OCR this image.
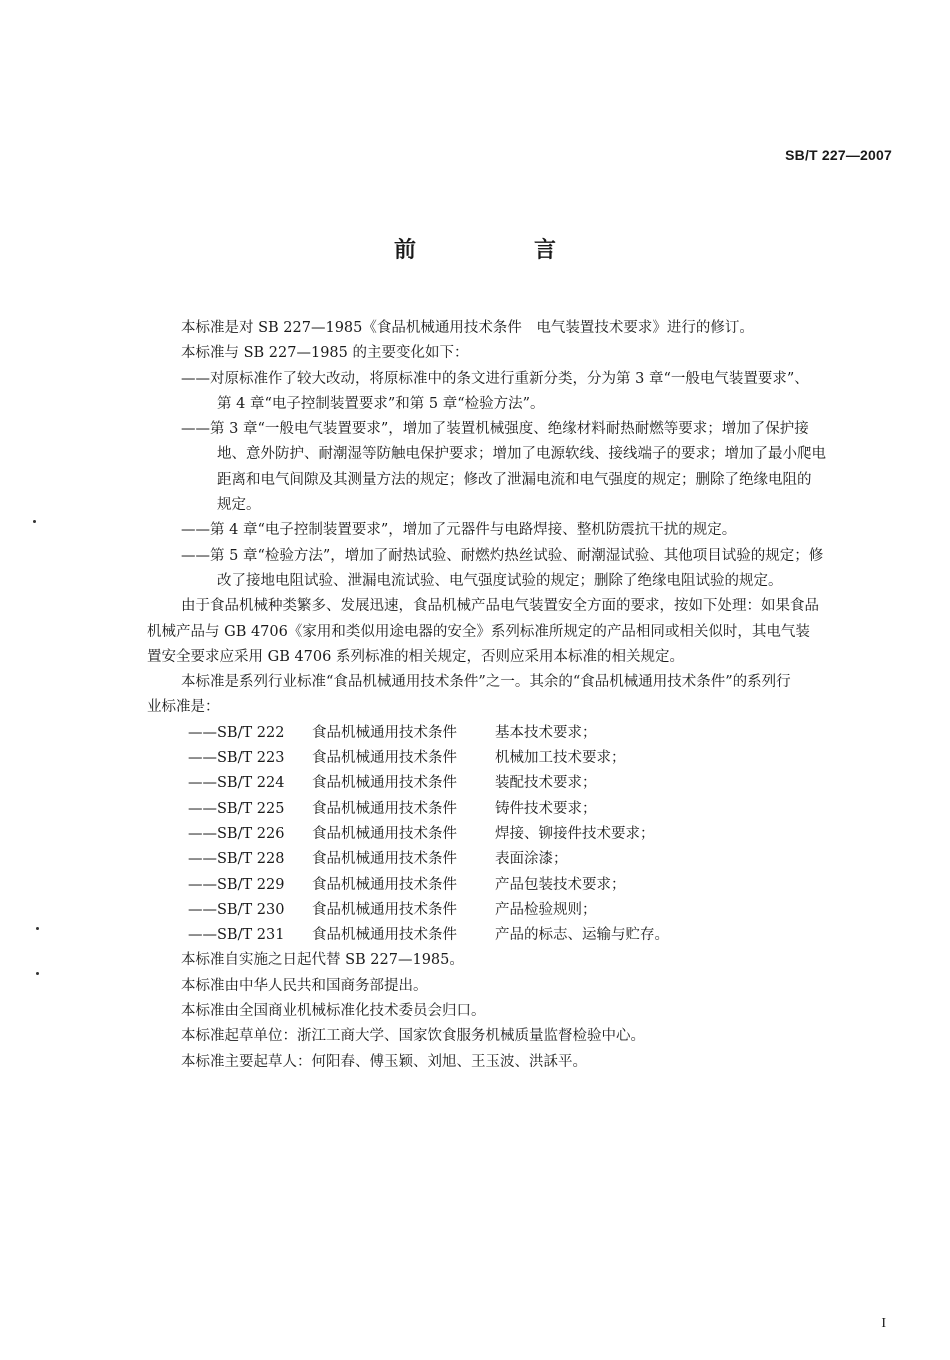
SB/T 227—2007
前　言
本标准是对 SB 227—1985《食品机械通用技术条件　电气装置技术要求》进行的修订。
本标准与 SB 227—1985 的主要变化如下：
——对原标准作了较大改动，将原标准中的条文进行重新分类，分为第 3 章“一般电气装置要求”、
第 4 章“电子控制装置要求”和第 5 章“检验方法”。
——第 3 章“一般电气装置要求”，增加了装置机械强度、绝缘材料耐热耐燃等要求；增加了保护接
地、意外防护、耐潮湿等防触电保护要求；增加了电源软线、接线端子的要求；增加了最小爬电
距离和电气间隙及其测量方法的规定；修改了泄漏电流和电气强度的规定；删除了绝缘电阻的
规定。
——第 4 章“电子控制装置要求”，增加了元器件与电路焊接、整机防震抗干扰的规定。
——第 5 章“检验方法”，增加了耐热试验、耐燃灼热丝试验、耐潮湿试验、其他项目试验的规定；修
改了接地电阻试验、泄漏电流试验、电气强度试验的规定；删除了绝缘电阻试验的规定。
由于食品机械种类繁多、发展迅速，食品机械产品电气装置安全方面的要求，按如下处理：如果食品
机械产品与 GB 4706《家用和类似用途电器的安全》系列标准所规定的产品相同或相关似时，其电气装
置安全要求应采用 GB 4706 系列标准的相关规定，否则应采用本标准的相关规定。
本标准是系列行业标准“食品机械通用技术条件”之一。其余的“食品机械通用技术条件”的系列行
业标准是：
——SB/T 222 食品机械通用技术条件	基本技术要求；
——SB/T 223 食品机械通用技术条件	机械加工技术要求；
——SB/T 224 食品机械通用技术条件	装配技术要求；
——SB/T 225 食品机械通用技术条件	铸件技术要求；
——SB/T 226 食品机械通用技术条件	焊接、铆接件技术要求；
——SB/T 228 食品机械通用技术条件	表面涂漆；
——SB/T 229 食品机械通用技术条件	产品包装技术要求；
——SB/T 230 食品机械通用技术条件	产品检验规则；
——SB/T 231 食品机械通用技术条件	产品的标志、运输与贮存。
本标准自实施之日起代替 SB 227—1985。
本标准由中华人民共和国商务部提出。
本标准由全国商业机械标准化技术委员会归口。
本标准起草单位：浙江工商大学、国家饮食服务机械质量监督检验中心。
本标准主要起草人：何阳春、傅玉颖、刘旭、王玉波、洪訸平。
I
